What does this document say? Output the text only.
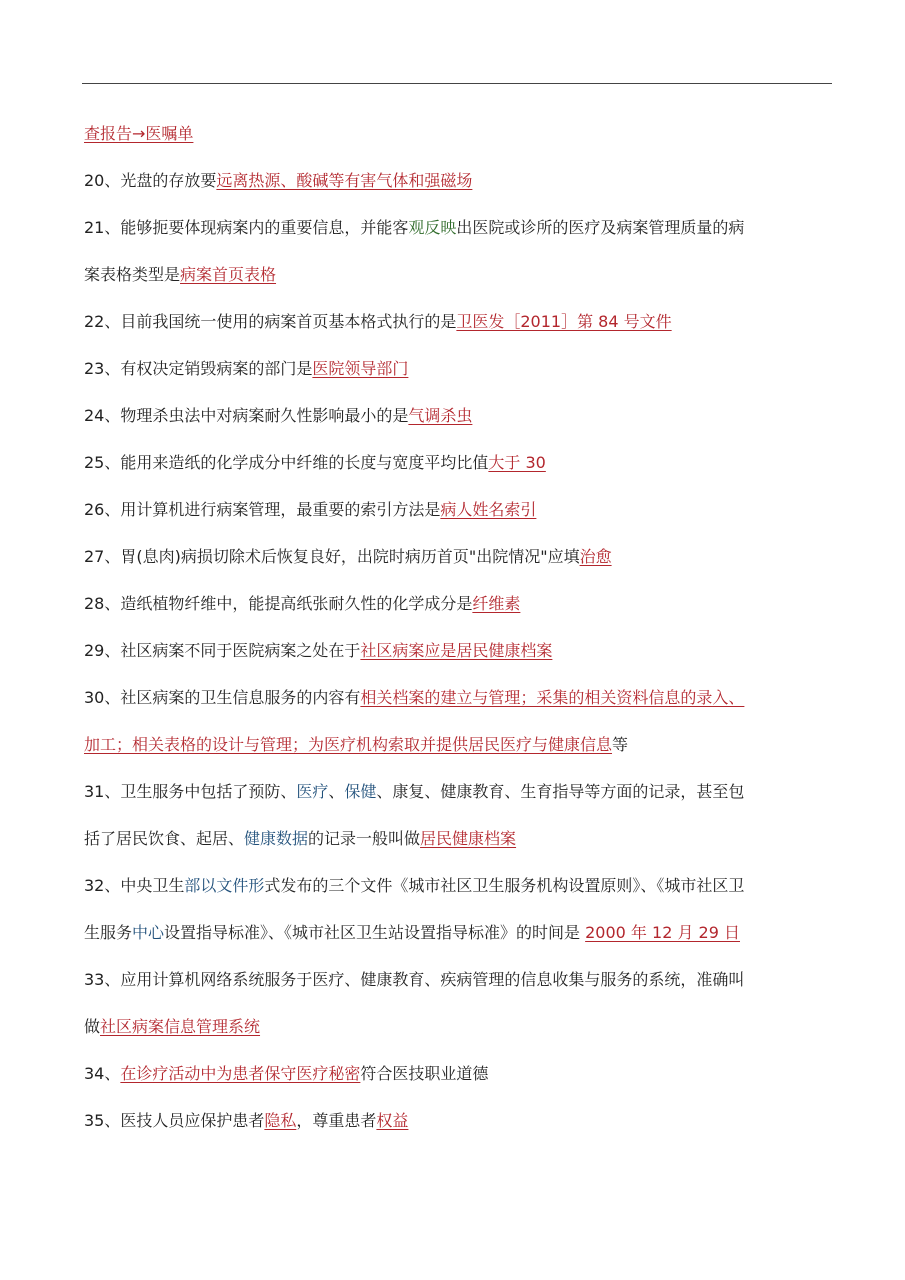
查报告→医嘱单
20、光盘的存放要远离热源、酸碱等有害气体和强磁场
21、能够扼要体现病案内的重要信息，并能客观反映出医院或诊所的医疗及病案管理质量的病
案表格类型是病案首页表格
22、目前我国统一使用的病案首页基本格式执行的是卫医发［2011］第 84 号文件
23、有权决定销毁病案的部门是医院领导部门
24、物理杀虫法中对病案耐久性影响最小的是气调杀虫
25、能用来造纸的化学成分中纤维的长度与宽度平均比值大于 30
26、用计算机进行病案管理，最重要的索引方法是病人姓名索引
27、胃(息肉)病损切除术后恢复良好，出院时病历首页"出院情况"应填治愈
28、造纸植物纤维中，能提高纸张耐久性的化学成分是纤维素
29、社区病案不同于医院病案之处在于社区病案应是居民健康档案
30、社区病案的卫生信息服务的内容有相关档案的建立与管理；采集的相关资料信息的录入、
加工；相关表格的设计与管理；为医疗机构索取并提供居民医疗与健康信息等
31、卫生服务中包括了预防、医疗、保健、康复、健康教育、生育指导等方面的记录，甚至包
括了居民饮食、起居、健康数据的记录一般叫做居民健康档案
32、中央卫生部以文件形式发布的三个文件《城市社区卫生服务机构设置原则》、《城市社区卫
生服务中心设置指导标准》、《城市社区卫生站设置指导标准》的时间是 2000 年 12 月 29 日
33、应用计算机网络系统服务于医疗、健康教育、疾病管理的信息收集与服务的系统，准确叫
做社区病案信息管理系统
34、在诊疗活动中为患者保守医疗秘密符合医技职业道德
35、医技人员应保护患者隐私，尊重患者权益
